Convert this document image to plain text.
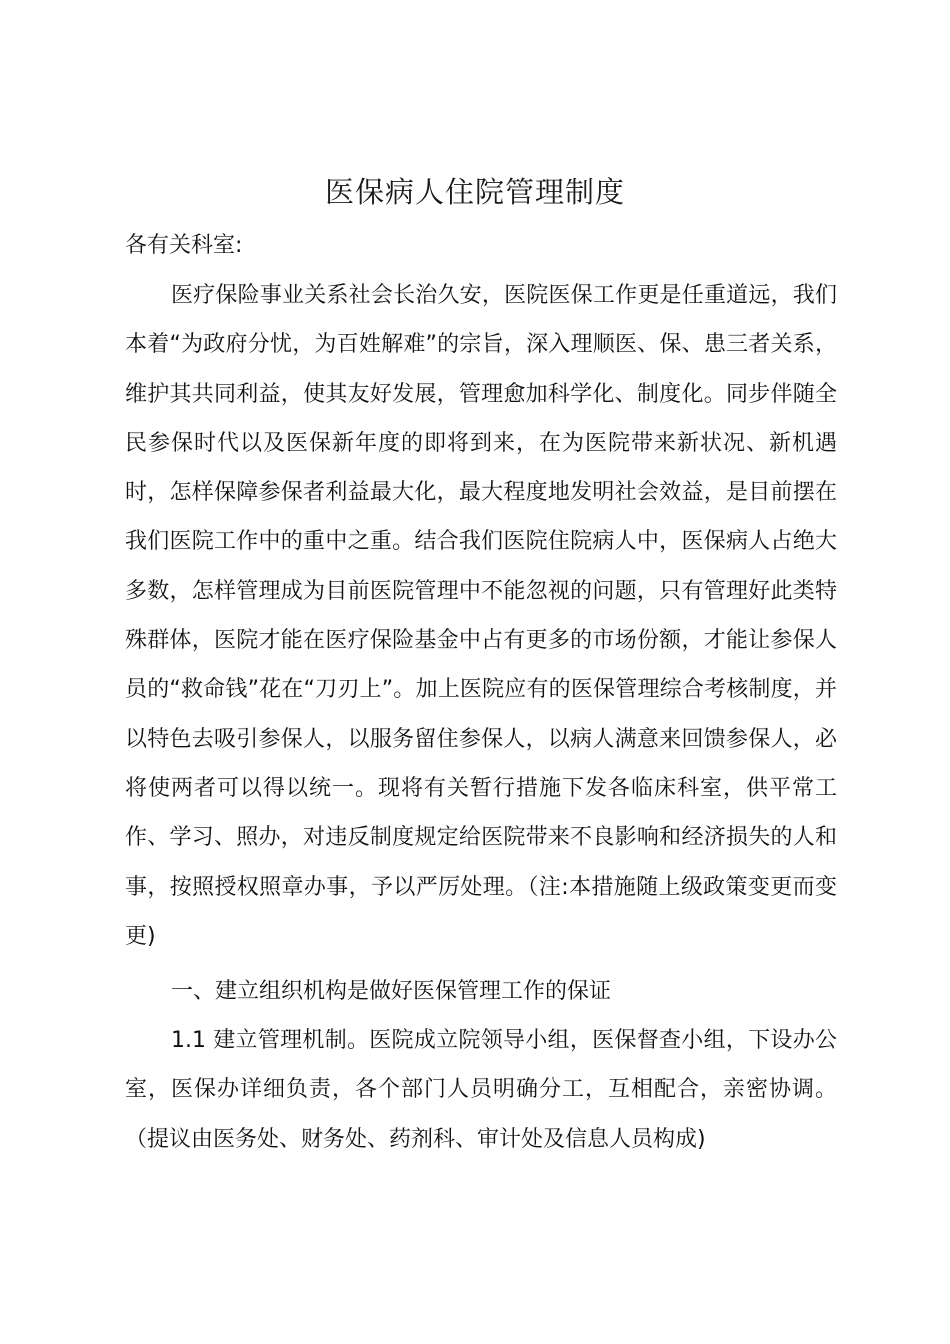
医保病人住院管理制度

各有关科室:

医疗保险事业关系社会长治久安，医院医保工作更是任重道远，我们本着“为政府分忧，为百姓解难”的宗旨，深入理顺医、保、患三者关系，维护其共同利益，使其友好发展，管理愈加科学化、制度化。同步伴随全民参保时代以及医保新年度的即将到来，在为医院带来新状况、新机遇时，怎样保障参保者利益最大化，最大程度地发明社会效益，是目前摆在我们医院工作中的重中之重。结合我们医院住院病人中，医保病人占绝大多数，怎样管理成为目前医院管理中不能忽视的问题，只有管理好此类特殊群体，医院才能在医疗保险基金中占有更多的市场份额，才能让参保人员的“救命钱”花在“刀刃上”。加上医院应有的医保管理综合考核制度，并以特色去吸引参保人，以服务留住参保人，以病人满意来回馈参保人，必将使两者可以得以统一。现将有关暂行措施下发各临床科室，供平常工作、学习、照办，对违反制度规定给医院带来不良影响和经济损失的人和事，按照授权照章办事，予以严厉处理。（注:本措施随上级政策变更而变更)

一、建立组织机构是做好医保管理工作的保证

1.1 建立管理机制。医院成立院领导小组，医保督查小组，下设办公室，医保办详细负责，各个部门人员明确分工，互相配合，亲密协调。（提议由医务处、财务处、药剂科、审计处及信息人员构成)
